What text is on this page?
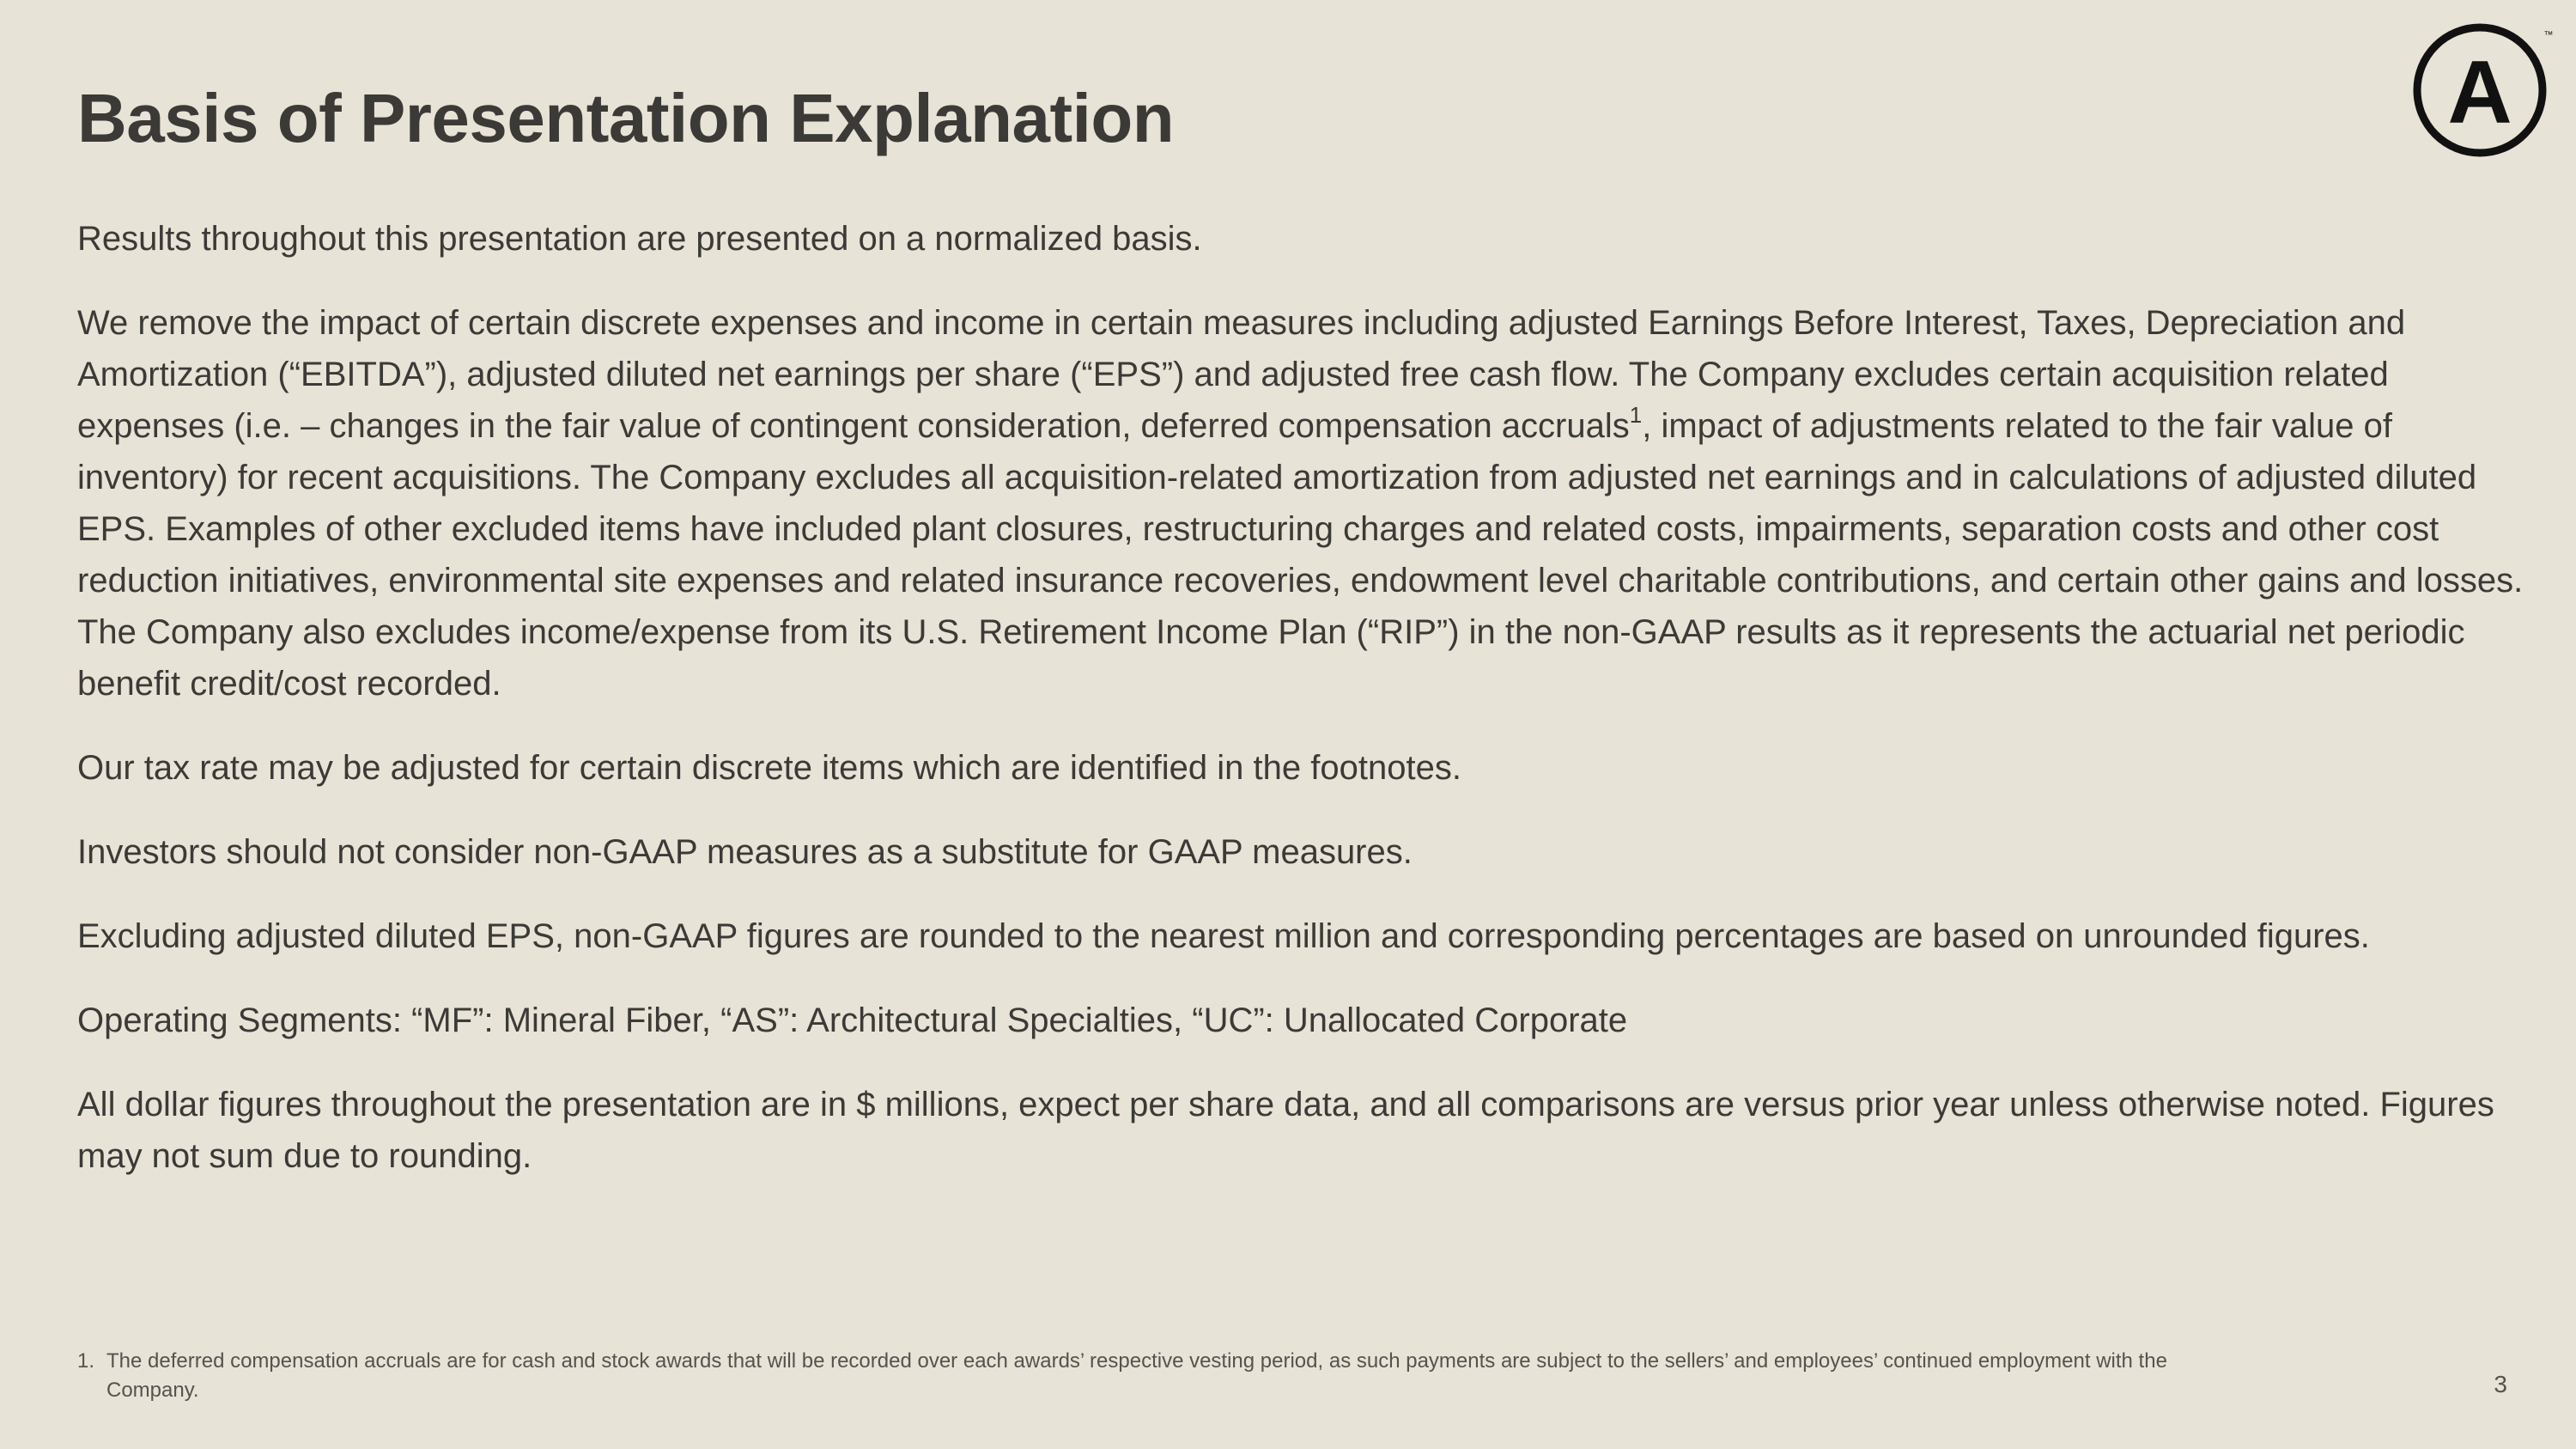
Basis of Presentation Explanation	A
™

Results throughout this presentation are presented on a normalized basis.

We remove the impact of certain discrete expenses and income in certain measures including adjusted Earnings Before Interest, Taxes, Depreciation and Amortization (“EBITDA”), adjusted diluted net earnings per share (“EPS”) and adjusted free cash flow. The Company excludes certain acquisition related expenses (i.e. – changes in the fair value of contingent consideration, deferred compensation accruals$^1$, impact of adjustments related to the fair value of inventory) for recent acquisitions. The Company excludes all acquisition-related amortization from adjusted net earnings and in calculations of adjusted diluted EPS. Examples of other excluded items have included plant closures, restructuring charges and related costs, impairments, separation costs and other cost reduction initiatives, environmental site expenses and related insurance recoveries, endowment level charitable contributions, and certain other gains and losses. The Company also excludes income/expense from its U.S. Retirement Income Plan (“RIP”) in the non-GAAP results as it represents the actuarial net periodic benefit credit/cost recorded.

Our tax rate may be adjusted for certain discrete items which are identified in the footnotes.

Investors should not consider non-GAAP measures as a substitute for GAAP measures.

Excluding adjusted diluted EPS, non-GAAP figures are rounded to the nearest million and corresponding percentages are based on unrounded figures.

Operating Segments: “MF”: Mineral Fiber, “AS”: Architectural Specialties, “UC”: Unallocated Corporate

All dollar figures throughout the presentation are in $ millions, expect per share data, and all comparisons are versus prior year unless otherwise noted. Figures may not sum due to rounding.

1. The deferred compensation accruals are for cash and stock awards that will be recorded over each awards’ respective vesting period, as such payments are subject to the sellers’ and employees’ continued employment with the Company.	3
